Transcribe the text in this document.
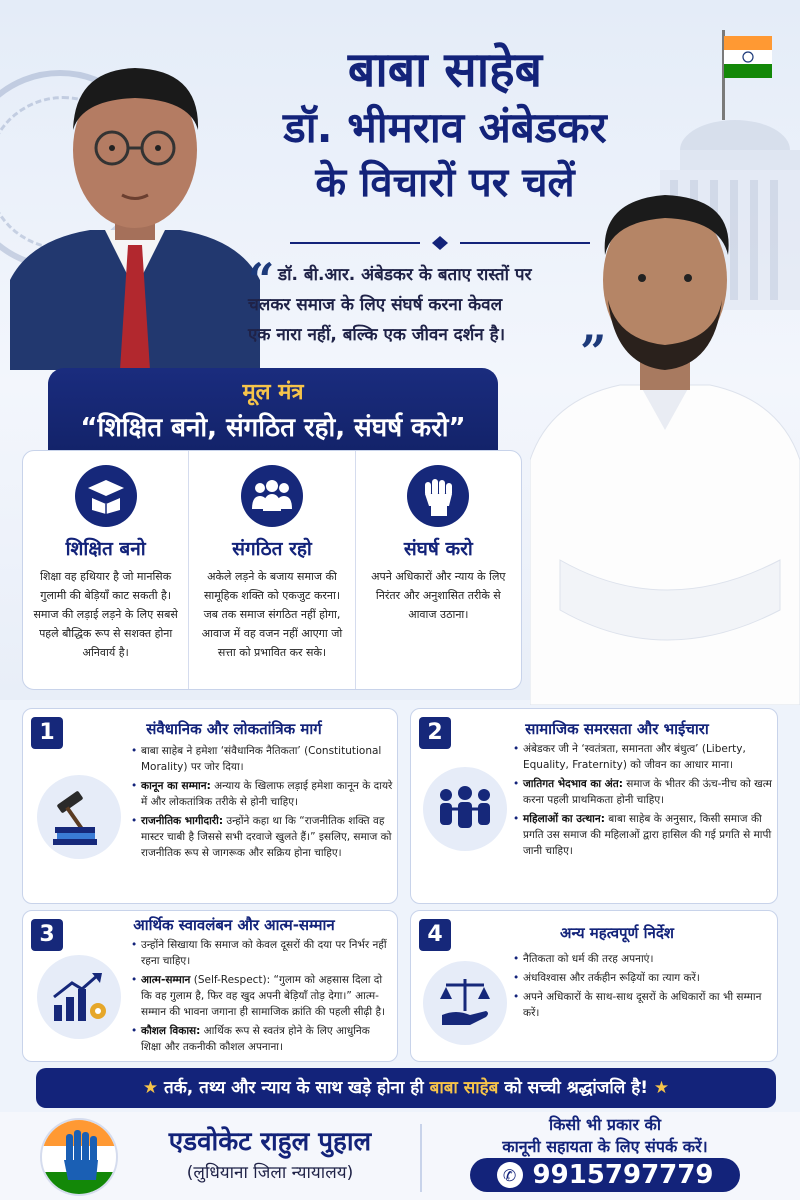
बाबा साहेब
डॉ. भीमराव अंबेडकर
के विचारों पर चलें
“ डॉ. बी.आर. अंबेडकर के बताए रास्तों पर
चलकर समाज के लिए संघर्ष करना केवल
एक नारा नहीं, बल्कि एक जीवन दर्शन है।	”
मूल मंत्र
“शिक्षित बनो, संगठित रहो, संघर्ष करो”
शिक्षित बनो
शिक्षा वह हथियार है जो मानसिक गुलामी की बेड़ियाँ काट सकती है। समाज की लड़ाई लड़ने के लिए सबसे पहले बौद्धिक रूप से सशक्त होना अनिवार्य है।
संगठित रहो
अकेले लड़ने के बजाय समाज की सामूहिक शक्ति को एकजुट करना। जब तक समाज संगठित नहीं होगा, आवाज में वह वजन नहीं आएगा जो सत्ता को प्रभावित कर सके।
संघर्ष करो
अपने अधिकारों और न्याय के लिए निरंतर और अनुशासित तरीके से आवाज उठाना।
1	संवैधानिक और लोकतांत्रिक मार्ग
• बाबा साहेब ने हमेशा ‘संवैधानिक नैतिकता’ (Constitutional Morality) पर जोर दिया।
• कानून का सम्मान: अन्याय के खिलाफ लड़ाई हमेशा कानून के दायरे में और लोकतांत्रिक तरीके से होनी चाहिए।
• राजनीतिक भागीदारी: उन्होंने कहा था कि “राजनीतिक शक्ति वह मास्टर चाबी है जिससे सभी दरवाजे खुलते हैं।” इसलिए, समाज को राजनीतिक रूप से जागरूक और सक्रिय होना चाहिए।
2	सामाजिक समरसता और भाईचारा
• अंबेडकर जी ने ‘स्वतंत्रता, समानता और बंधुत्व’ (Liberty, Equality, Fraternity) को जीवन का आधार माना।
• जातिगत भेदभाव का अंत: समाज के भीतर की ऊंच-नीच को खत्म करना पहली प्राथमिकता होनी चाहिए।
• महिलाओं का उत्थान: बाबा साहेब के अनुसार, किसी समाज की प्रगति उस समाज की महिलाओं द्वारा हासिल की गई प्रगति से मापी जानी चाहिए।
3	आर्थिक स्वावलंबन और आत्म-सम्मान
• उन्होंने सिखाया कि समाज को केवल दूसरों की दया पर निर्भर नहीं रहना चाहिए।
• आत्म-सम्मान (Self-Respect): “गुलाम को अहसास दिला दो कि वह गुलाम है, फिर वह खुद अपनी बेड़ियाँ तोड़ देगा।” आत्म-सम्मान की भावना जगाना ही सामाजिक क्रांति की पहली सीढ़ी है।
• कौशल विकास: आर्थिक रूप से स्वतंत्र होने के लिए आधुनिक शिक्षा और तकनीकी कौशल अपनाना।
4	अन्य महत्वपूर्ण निर्देश
• नैतिकता को धर्म की तरह अपनाएं।
• अंधविश्वास और तर्कहीन रूढ़ियों का त्याग करें।
• अपने अधिकारों के साथ-साथ दूसरों के अधिकारों का भी सम्मान करें।
★ तर्क, तथ्य और न्याय के साथ खड़े होना ही बाबा साहेब को सच्ची श्रद्धांजलि है! ★
एडवोकेट राहुल पुहाल
(लुधियाना जिला न्यायालय)
किसी भी प्रकार की
कानूनी सहायता के लिए संपर्क करें।
✆ 9915797779
